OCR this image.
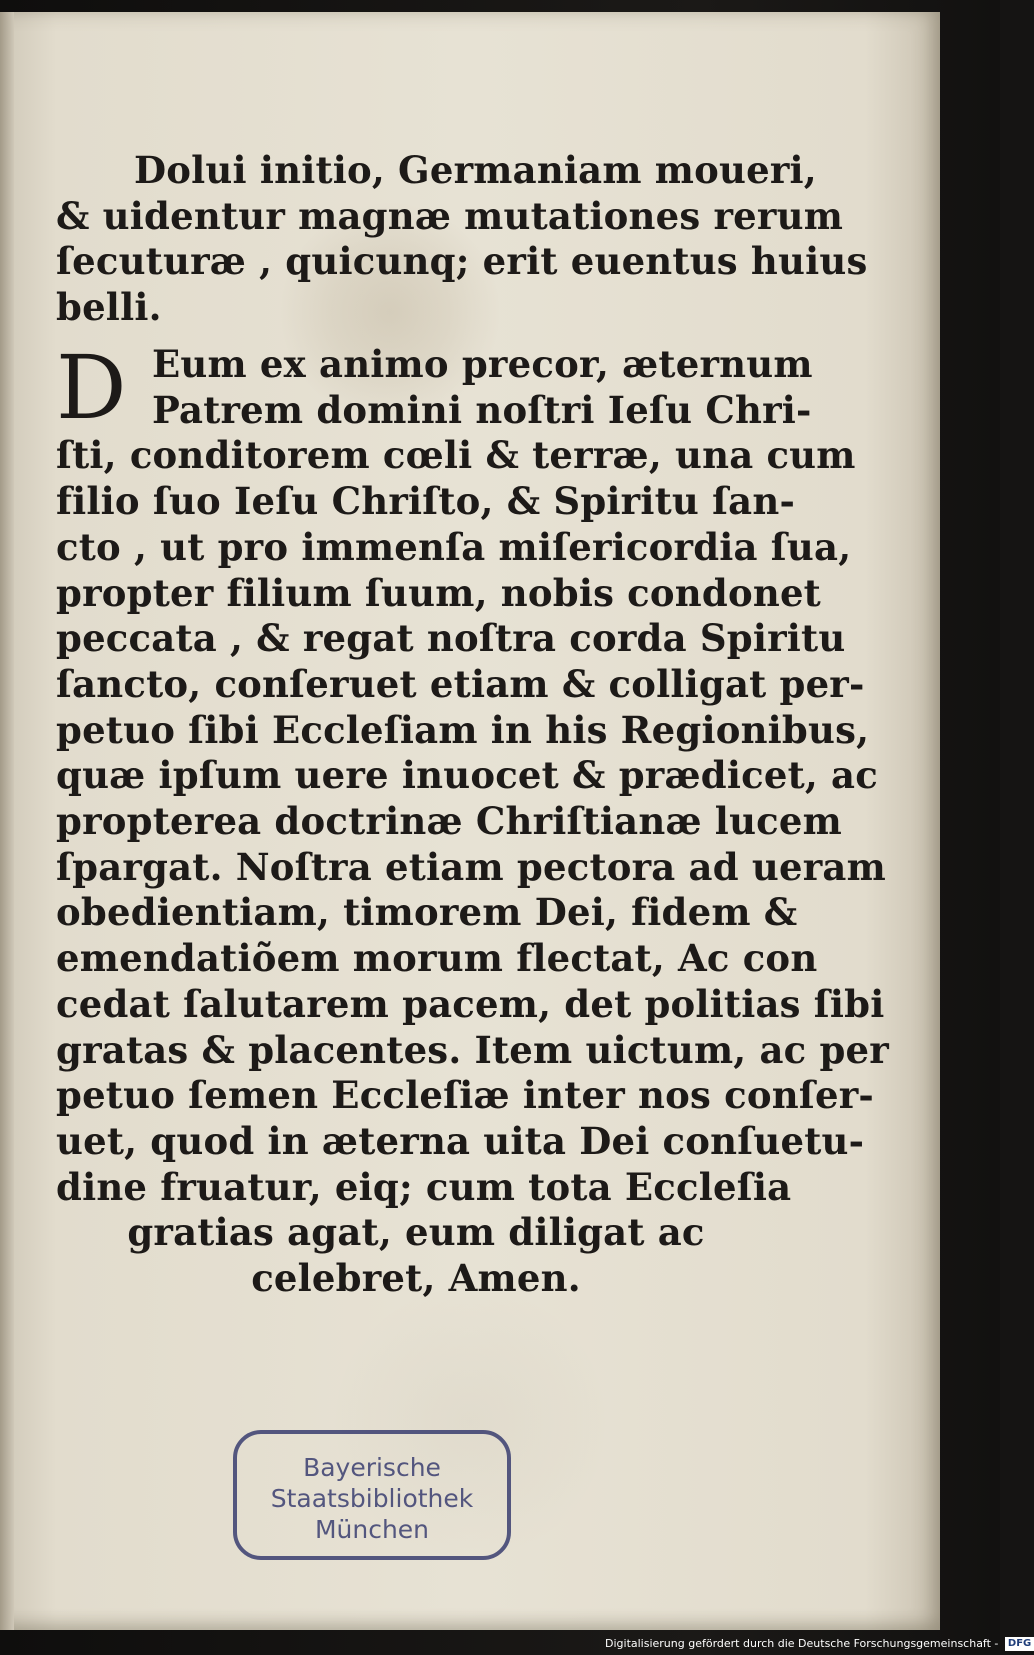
Dolui initio, Germaniam moueri,
& uidentur magnæ mutationes rerum
ſecuturæ , quicunq; erit euentus huius
belli.
D Eum ex animo precor, æternum
Patrem domini noſtri Ieſu Chri-
ſti, conditorem cœli & terræ, una cum
filio ſuo Ieſu Chriſto, & Spiritu ſan-
cto , ut pro immenſa miſericordia ſua,
propter filium ſuum, nobis condonet
peccata , & regat noſtra corda Spiritu
ſancto, conſeruet etiam & colligat per-
petuo ſibi Eccleſiam in his Regionibus,
quæ ipſum uere inuocet & prædicet, ac
propterea doctrinæ Chriſtianæ lucem
ſpargat. Noſtra etiam pectora ad ueram
obedientiam, timorem Dei, fidem &
emendatiõem morum flectat, Ac con
cedat ſalutarem pacem, det politias ſibi
gratas & placentes. Item uictum, ac per
petuo ſemen Eccleſiæ inter nos conſer-
uet, quod in æterna uita Dei conſuetu-
dine fruatur, eiq; cum tota Eccleſia
gratias agat, eum diligat ac
celebret, Amen.
Bayerische
Staatsbibliothek
München
Digitalisierung gefördert durch die Deutsche Forschungsgemeinschaft - DFG
